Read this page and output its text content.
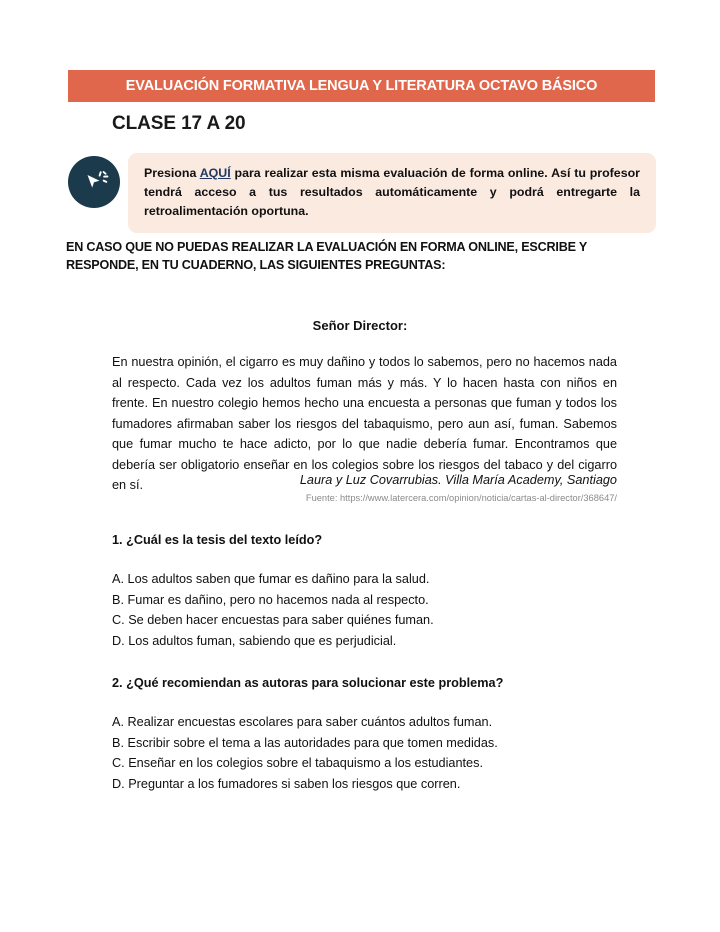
EVALUACIÓN FORMATIVA LENGUA Y LITERATURA OCTAVO BÁSICO
CLASE 17 A 20

Presiona AQUÍ para realizar esta misma evaluación de forma online. Así tu profesor tendrá acceso a tus resultados automáticamente y podrá entregarte la retroalimentación oportuna.

EN CASO QUE NO PUEDAS REALIZAR LA EVALUACIÓN EN FORMA ONLINE, ESCRIBE Y RESPONDE, EN TU CUADERNO, LAS SIGUIENTES PREGUNTAS:
Señor Director:
En nuestra opinión, el cigarro es muy dañino y todos lo sabemos, pero no hacemos nada al respecto. Cada vez los adultos fuman más y más. Y lo hacen hasta con niños en frente. En nuestro colegio hemos hecho una encuesta a personas que fuman y todos los fumadores afirmaban saber los riesgos del tabaquismo, pero aun así, fuman. Sabemos que fumar mucho te hace adicto, por lo que nadie debería fumar. Encontramos que debería ser obligatorio enseñar en los colegios sobre los riesgos del tabaco y del cigarro en sí.	Laura y Luz Covarrubias. Villa María Academy, Santiago
Fuente: https://www.latercera.com/opinion/noticia/cartas-al-director/368647/

1. ¿Cuál es la tesis del texto leído?

A. Los adultos saben que fumar es dañino para la salud.
B. Fumar es dañino, pero no hacemos nada al respecto.
C. Se deben hacer encuestas para saber quiénes fuman.
D. Los adultos fuman, sabiendo que es perjudicial.

2. ¿Qué recomiendan as autoras para solucionar este problema?

A. Realizar encuestas escolares para saber cuántos adultos fuman.
B. Escribir sobre el tema a las autoridades para que tomen medidas.
C. Enseñar en los colegios sobre el tabaquismo a los estudiantes.
D. Preguntar a los fumadores si saben los riesgos que corren.
